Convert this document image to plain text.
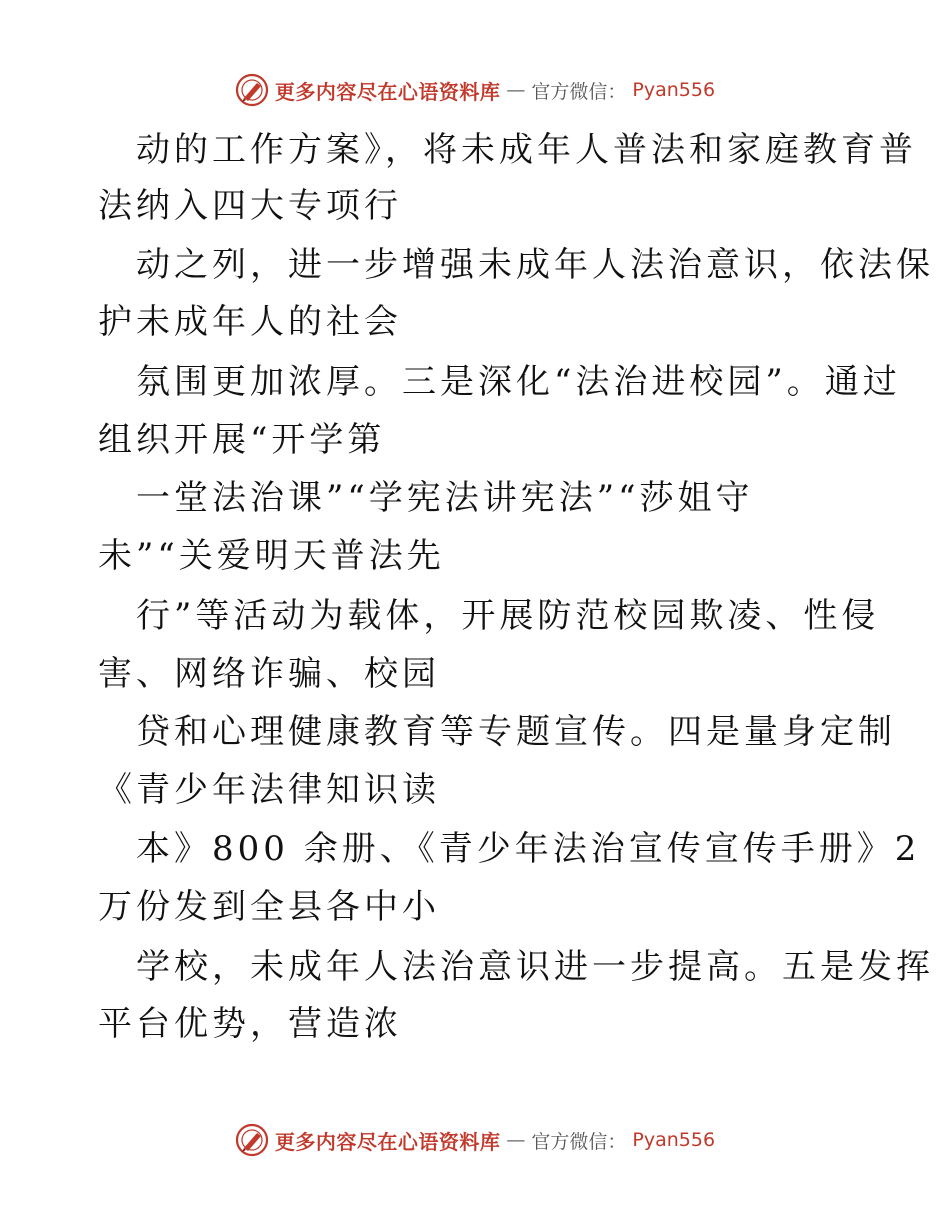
更多内容尽在心语资料库 — 官方微信： Pyan556
动的工作方案》，将未成年人普法和家庭教育普
法纳入四大专项行
动之列，进一步增强未成年人法治意识，依法保
护未成年人的社会
氛围更加浓厚。三是深化“法治进校园”。通过
组织开展“开学第
一堂法治课”“学宪法讲宪法”“莎姐守
未”“关爱明天普法先
行”等活动为载体，开展防范校园欺凌、性侵
害、网络诈骗、校园
贷和心理健康教育等专题宣传。四是量身定制
《青少年法律知识读
本》800 余册、《青少年法治宣传宣传手册》2
万份发到全县各中小
学校，未成年人法治意识进一步提高。五是发挥
平台优势，营造浓
更多内容尽在心语资料库 — 官方微信： Pyan556
